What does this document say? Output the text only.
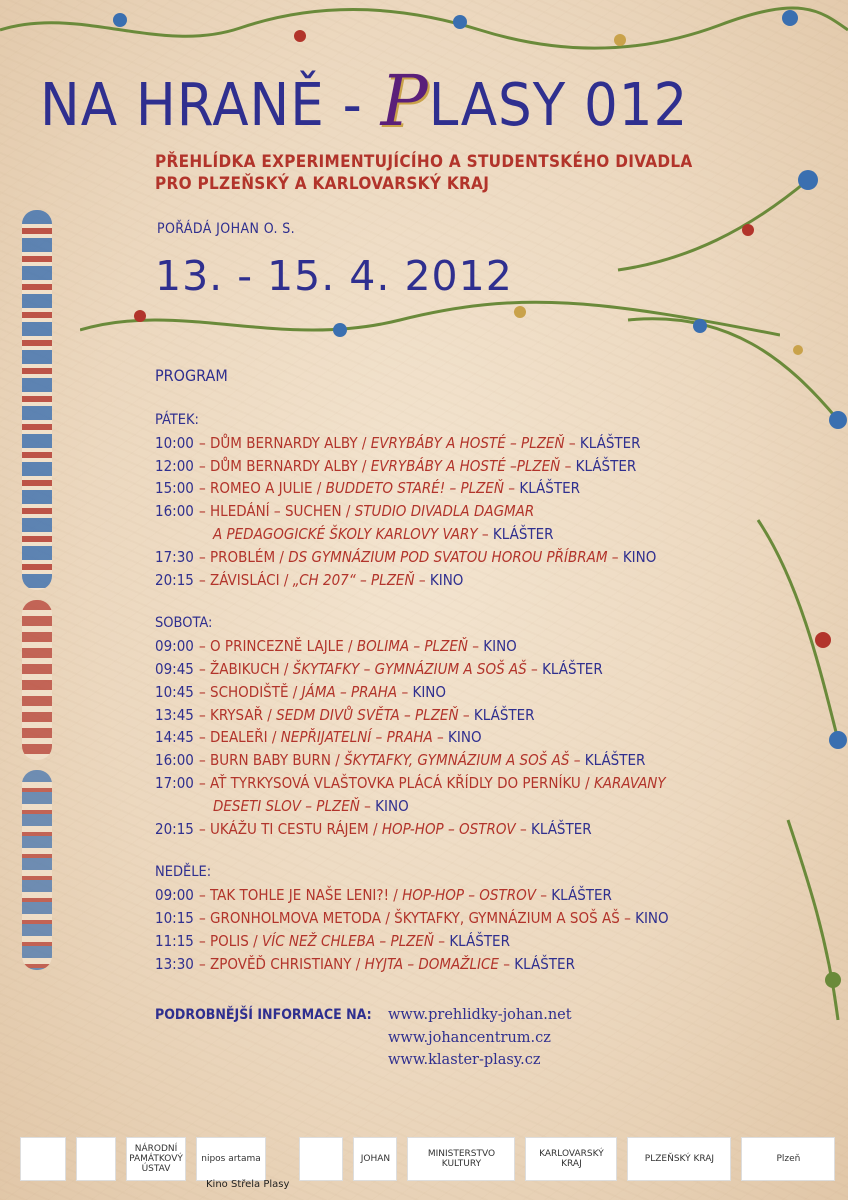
NA HRANĚ - PLASY 012
PŘEHLÍDKA EXPERIMENTUJÍCÍHO A STUDENTSKÉHO DIVADLA
PRO PLZEŇSKÝ A KARLOVARSKÝ KRAJ
POŘÁDÁ JOHAN O. S.
13. - 15. 4. 2012
PROGRAM
PÁTEK:
10:00 – DŮM BERNARDY ALBY / EVRYBÁBY A HOSTÉ – PLZEŇ – KLÁŠTER
12:00 – DŮM BERNARDY ALBY / EVRYBÁBY A HOSTÉ –PLZEŇ – KLÁŠTER
15:00 – ROMEO A JULIE / BUDDETO STARÉ! – PLZEŇ – KLÁŠTER
16:00 – HLEDÁNÍ – SUCHEN / STUDIO DIVADLA DAGMAR
A PEDAGOGICKÉ ŠKOLY KARLOVY VARY – KLÁŠTER
17:30 – PROBLÉM / DS GYMNÁZIUM POD SVATOU HOROU PŘÍBRAM – KINO
20:15 – ZÁVISLÁCI / „CH 207“ – PLZEŇ – KINO
SOBOTA:
09:00 – O PRINCEZNĚ LAJLE / BOLIMA – PLZEŇ – KINO
09:45 – ŽABIKUCH / ŠKYTAFKY – GYMNÁZIUM A SOŠ AŠ – KLÁŠTER
10:45 – SCHODIŠTĚ / JÁMA – PRAHA – KINO
13:45 – KRYSAŘ / SEDM DIVŮ SVĚTA – PLZEŇ – KLÁŠTER
14:45 – DEALEŘI / NEPŘIJATELNÍ – PRAHA – KINO
16:00 – BURN BABY BURN / ŠKYTAFKY, GYMNÁZIUM A SOŠ AŠ – KLÁŠTER
17:00 – AŤ TYRKYSOVÁ VLAŠTOVKA PLÁCÁ KŘÍDLY DO PERNÍKU / KARAVANY
DESETI SLOV – PLZEŇ – KINO
20:15 – UKÁŽU TI CESTU RÁJEM / HOP-HOP – OSTROV – KLÁŠTER
NEDĚLE:
09:00 – TAK TOHLE JE NAŠE LENI?! / HOP-HOP – OSTROV – KLÁŠTER
10:15 – GRONHOLMOVA METODA / ŠKYTAFKY, GYMNÁZIUM A SOŠ AŠ – KINO
11:15 – POLIS / VÍC NEŽ CHLEBA – PLZEŇ – KLÁŠTER
13:30 – ZPOVĚĎ CHRISTIANY / HYJTA – DOMAŽLICE – KLÁŠTER
PODROBNĚJŠÍ INFORMACE NA: www.prehlidky-johan.net
www.johancentrum.cz
www.klaster-plasy.cz
NÁRODNÍ PAMÁTKOVÝ ÚSTAV
nipos artama
Kino Střela Plasy
JOHAN	MINISTERSTVO KULTURY
KARLOVARSKÝ KRAJ	PLZEŇSKÝ KRAJ	Plzeň
